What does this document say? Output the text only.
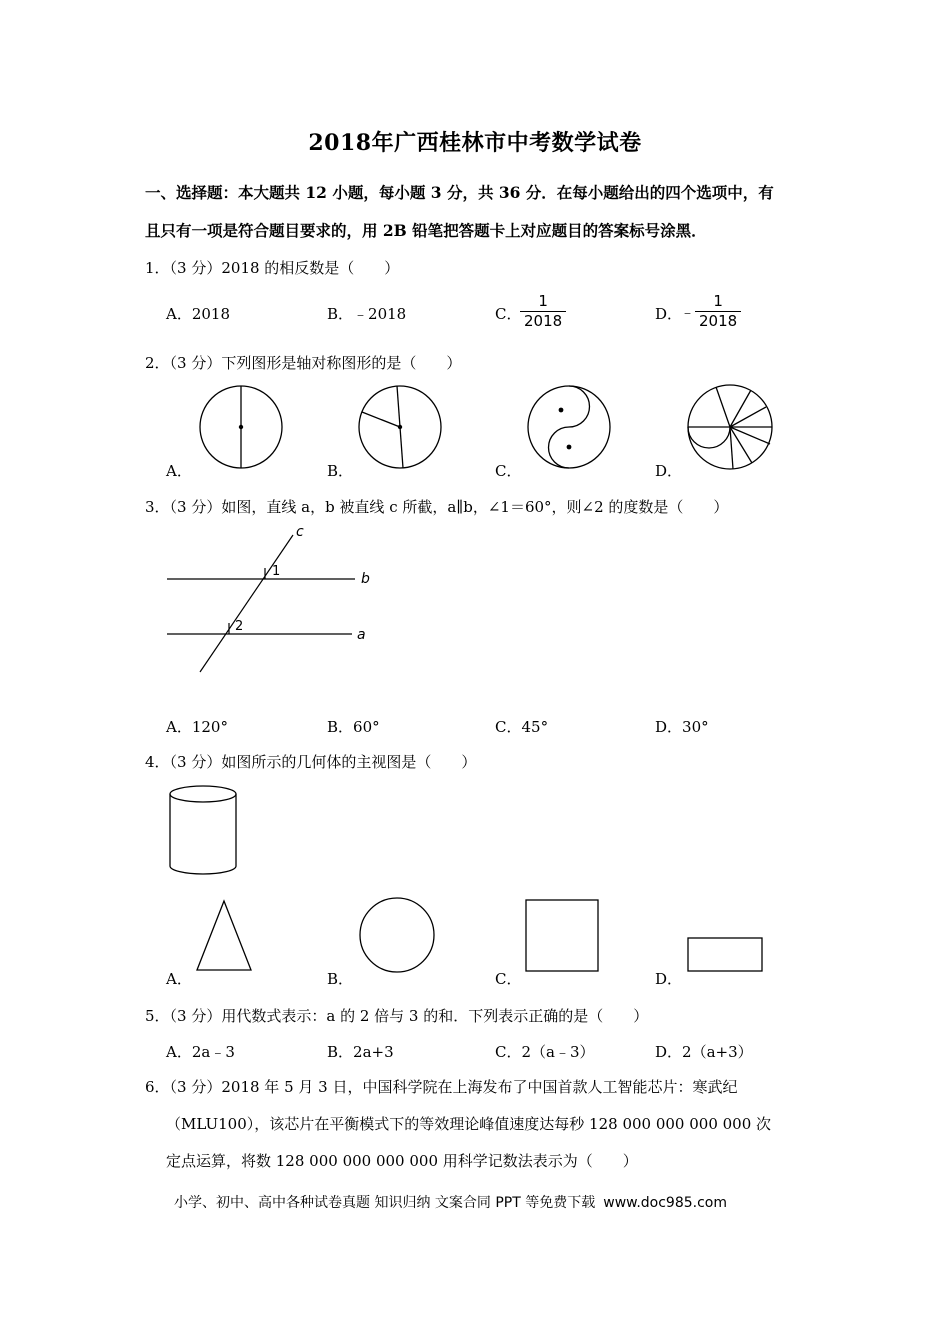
2018年广西桂林市中考数学试卷
一、选择题：本大题共 12 小题，每小题 3 分，共 36 分．在每小题给出的四个选项中，有
且只有一项是符合题目要求的，用 2B 铅笔把答题卡上对应题目的答案标号涂黑．
1．（3 分）2018 的相反数是（　　）
A．2018	B．﹣2018	C．
$\frac{1}{2018}$	D．
﹣ $\frac{1}{2018}$
2．（3 分）下列图形是轴对称图形的是（　　）
A．	B．	C．	D．
3．（3 分）如图，直线 a，b 被直线 c 所截，a∥b，∠1＝60°，则∠2 的度数是（　　）
c
b
a
1
2
A．120°	B．60°	C．45°	D．30°
4．（3 分）如图所示的几何体的主视图是（　　）
A．	B．	C．	D．
5．（3 分）用代数式表示：a 的 2 倍与 3 的和．下列表示正确的是（　　）
A．2a﹣3	B．2a+3	C．2（a﹣3）	D．2（a+3）
6．（3 分）2018 年 5 月 3 日，中国科学院在上海发布了中国首款人工智能芯片：寒武纪
（MLU100），该芯片在平衡模式下的等效理论峰值速度达每秒 128 000 000 000 000 次
定点运算，将数 128 000 000 000 000 用科学记数法表示为（　　）
小学、初中、高中各种试卷真题 知识归纳 文案合同 PPT 等免费下载 www.doc985.com
